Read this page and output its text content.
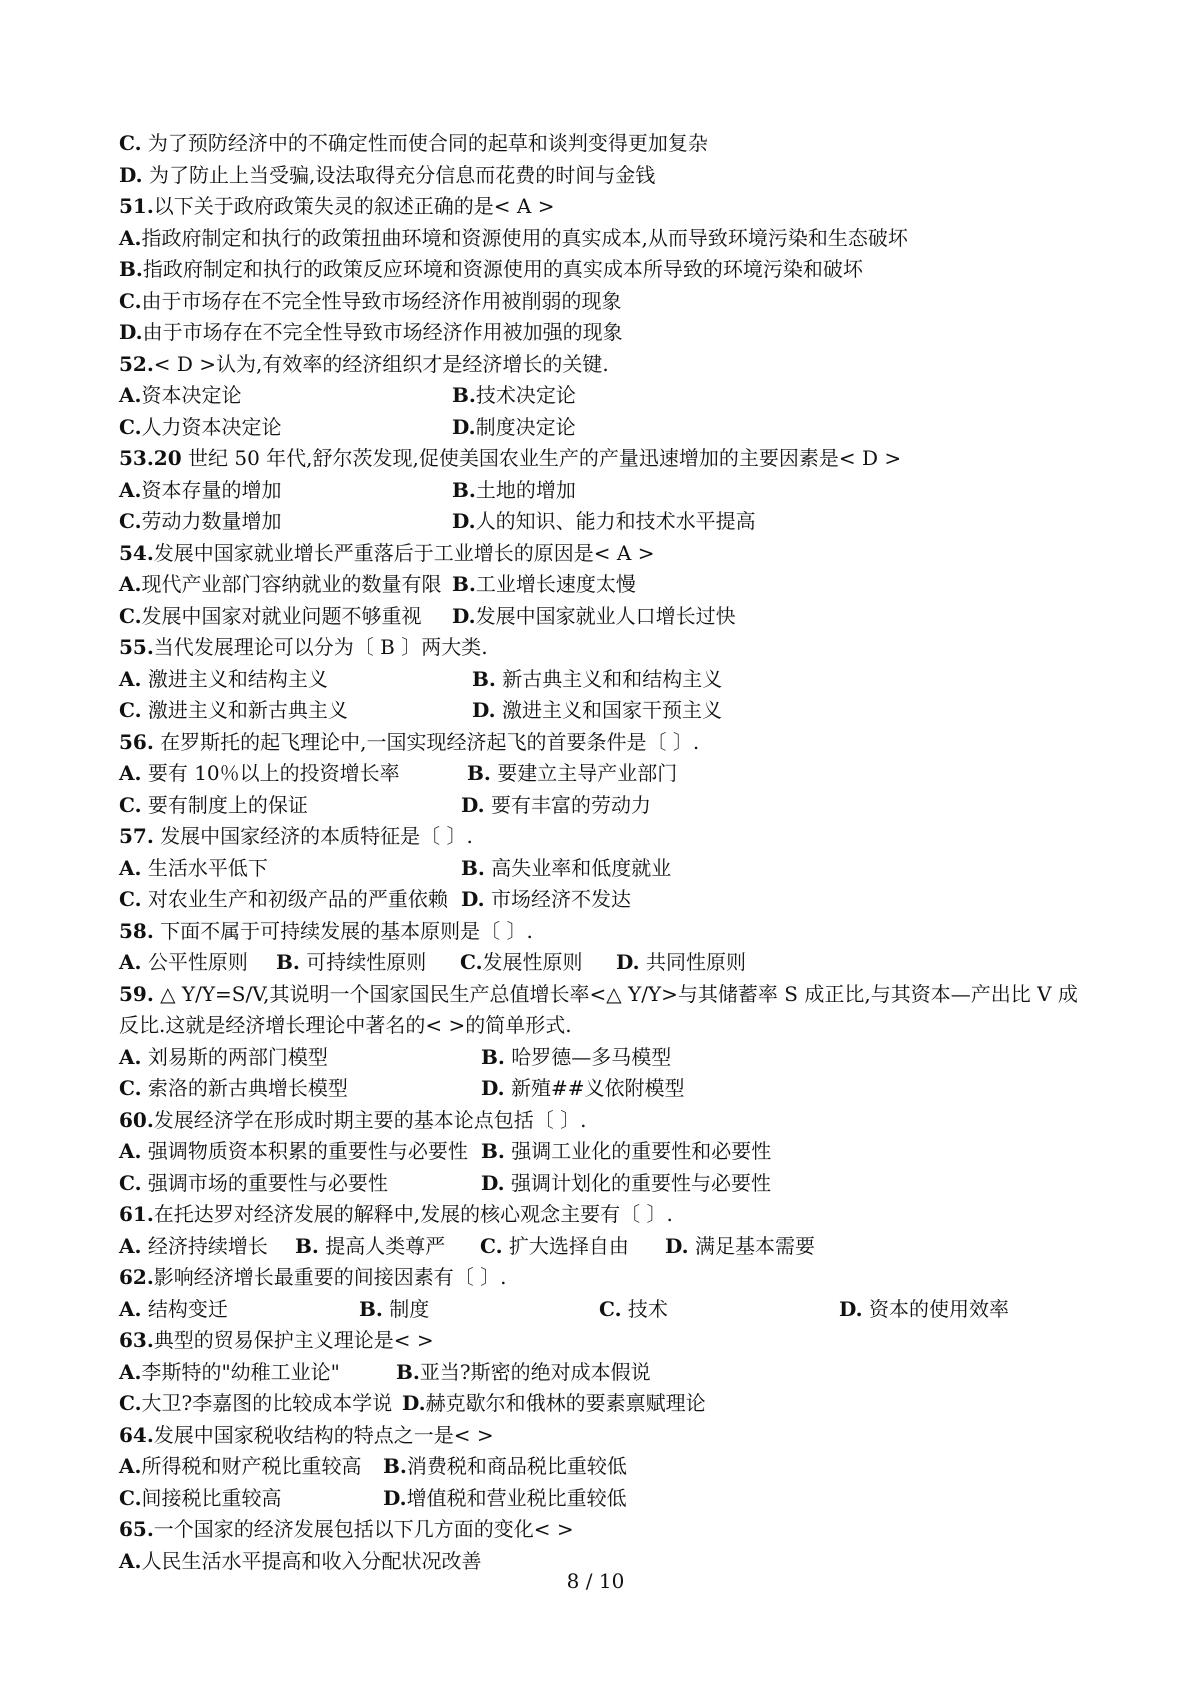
C. 为了预防经济中的不确定性而使合同的起草和谈判变得更加复杂
D. 为了防止上当受骗,设法取得充分信息而花费的时间与金钱
51.以下关于政府政策失灵的叙述正确的是< A >
A.指政府制定和执行的政策扭曲环境和资源使用的真实成本,从而导致环境污染和生态破坏
B.指政府制定和执行的政策反应环境和资源使用的真实成本所导致的环境污染和破坏
C.由于市场存在不完全性导致市场经济作用被削弱的现象
D.由于市场存在不完全性导致市场经济作用被加强的现象
52.< D >认为,有效率的经济组织才是经济增长的关键.
A.资本决定论	B.技术决定论
C.人力资本决定论	D.制度决定论
53.20 世纪 50 年代,舒尔茨发现,促使美国农业生产的产量迅速增加的主要因素是< D >
A.资本存量的增加	B.土地的增加
C.劳动力数量增加	D.人的知识、能力和技术水平提高
54.发展中国家就业增长严重落后于工业增长的原因是< A >
A.现代产业部门容纳就业的数量有限 B.工业增长速度太慢
C.发展中国家对就业问题不够重视 D.发展中国家就业人口增长过快
55.当代发展理论可以分为〔 B 〕两大类.
A. 激进主义和结构主义	B. 新古典主义和和结构主义
C. 激进主义和新古典主义	D. 激进主义和国家干预主义
56. 在罗斯托的起飞理论中,一国实现经济起飞的首要条件是〔 〕.
A. 要有 10％以上的投资增长率	B. 要建立主导产业部门
C. 要有制度上的保证	D. 要有丰富的劳动力
57. 发展中国家经济的本质特征是〔 〕.
A. 生活水平低下	B. 高失业率和低度就业
C. 对农业生产和初级产品的严重依赖 D. 市场经济不发达
58. 下面不属于可持续发展的基本原则是〔 〕.
A. 公平性原则 B. 可持续性原则 C.发展性原则 D. 共同性原则
59. △ Y/Y=S/V,其说明一个国家国民生产总值增长率<△ Y/Y>与其储蓄率 S 成正比,与其资本—产出比 V 成反比.这就是经济增长理论中著名的< >的简单形式.
A. 刘易斯的两部门模型	B. 哈罗德—多马模型
C. 索洛的新古典增长模型	D. 新殖##义依附模型
60.发展经济学在形成时期主要的基本论点包括〔 〕.
A. 强调物质资本积累的重要性与必要性 B. 强调工业化的重要性和必要性
C. 强调市场的重要性与必要性	D. 强调计划化的重要性与必要性
61.在托达罗对经济发展的解释中,发展的核心观念主要有〔 〕.
A. 经济持续增长 B. 提高人类尊严 C. 扩大选择自由 D. 满足基本需要
62.影响经济增长最重要的间接因素有〔 〕.
A. 结构变迁	B. 制度	C. 技术	D. 资本的使用效率
63.典型的贸易保护主义理论是< >
A.李斯特的"幼稚工业论"	B.亚当?斯密的绝对成本假说
C.大卫?李嘉图的比较成本学说 D.赫克歇尔和俄林的要素禀赋理论
64.发展中国家税收结构的特点之一是< >
A.所得税和财产税比重较高 B.消费税和商品税比重较低
C.间接税比重较高	D.增值税和营业税比重较低
65.一个国家的经济发展包括以下几方面的变化< >
A.人民生活水平提高和收入分配状况改善
8 / 10
